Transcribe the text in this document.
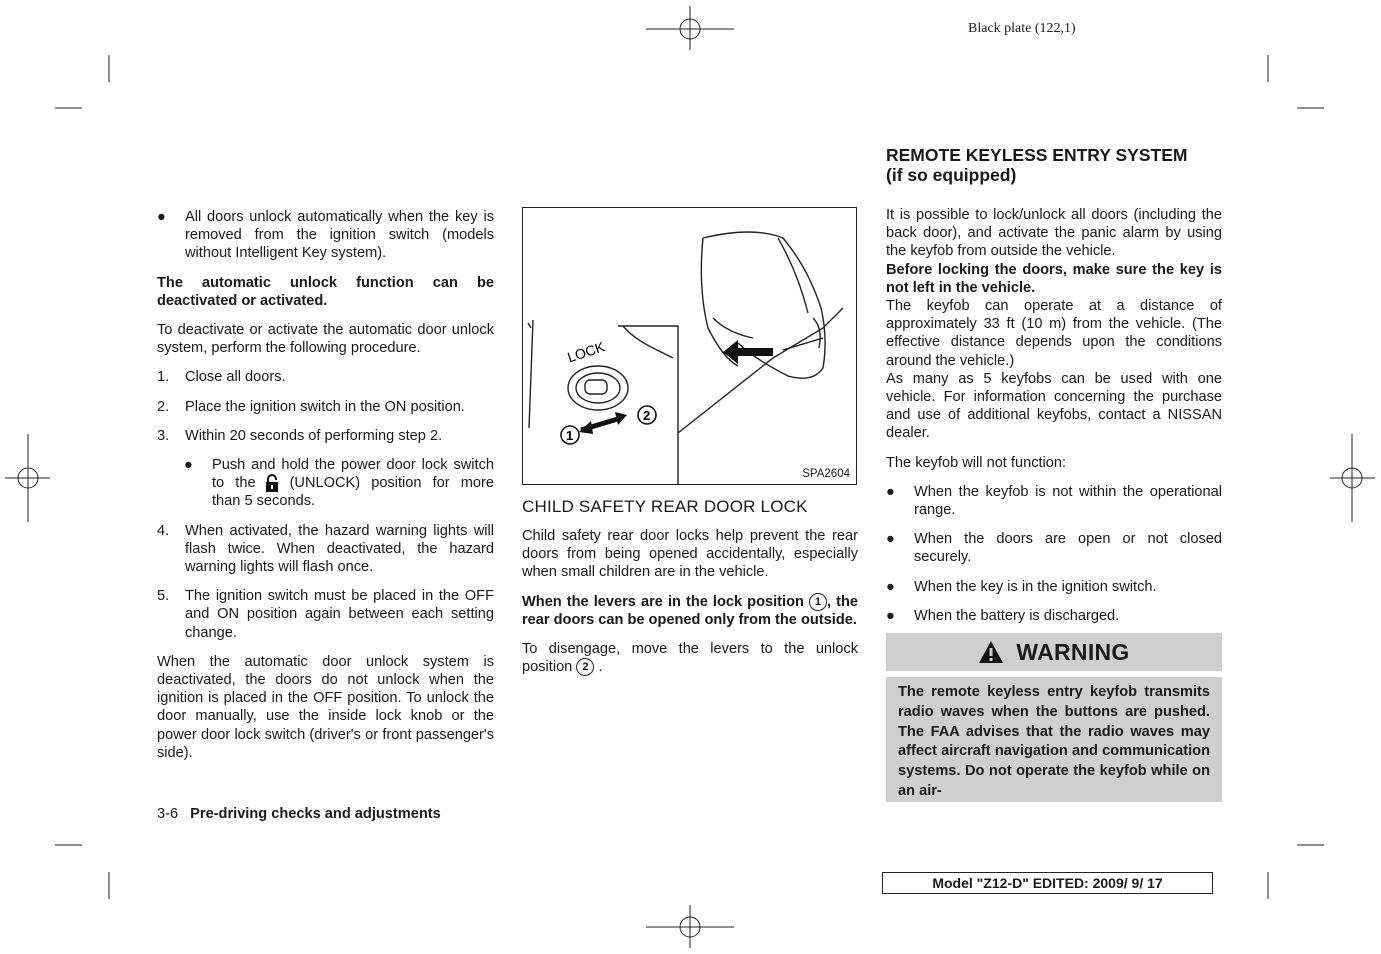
Black plate (122,1)
● All doors unlock automatically when the key is removed from the ignition switch (models without Intelligent Key system).

The automatic unlock function can be deactivated or activated.

To deactivate or activate the automatic door unlock system, perform the following procedure.

1. Close all doors.
2. Place the ignition switch in the ON position.
3. Within 20 seconds of performing step 2.
● Push and hold the power door lock switch to the (UNLOCK) position for more than 5 seconds.
4. When activated, the hazard warning lights will flash twice. When deactivated, the hazard warning lights will flash once.
5. The ignition switch must be placed in the OFF and ON position again between each setting change.

When the automatic door unlock system is deactivated, the doors do not unlock when the ignition is placed in the OFF position. To unlock the door manually, use the inside lock knob or the power door lock switch (driver's or front passenger's side).

LOCK
1
2
SPA2604
CHILD SAFETY REAR DOOR LOCK

Child safety rear door locks help prevent the rear doors from being opened accidentally, especially when small children are in the vehicle.

When the levers are in the lock position 1 , the rear doors can be opened only from the outside.

To disengage, move the levers to the unlock position 2 .

REMOTE KEYLESS ENTRY SYSTEM
(if so equipped)

It is possible to lock/unlock all doors (including the back door), and activate the panic alarm by using the keyfob from outside the vehicle.

Before locking the doors, make sure the key is not left in the vehicle.

The keyfob can operate at a distance of approximately 33 ft (10 m) from the vehicle. (The effective distance depends upon the conditions around the vehicle.)

As many as 5 keyfobs can be used with one vehicle. For information concerning the purchase and use of additional keyfobs, contact a NISSAN dealer.

The keyfob will not function:

● When the keyfob is not within the operational range.
● When the doors are open or not closed securely.
● When the key is in the ignition switch.
● When the battery is discharged.
WARNING
The remote keyless entry keyfob transmits radio waves when the buttons are pushed. The FAA advises that the radio waves may affect aircraft navigation and communication systems. Do not operate the keyfob while on an air-
3-6 Pre-driving checks and adjustments
Model "Z12-D" EDITED: 2009/ 9/ 17
